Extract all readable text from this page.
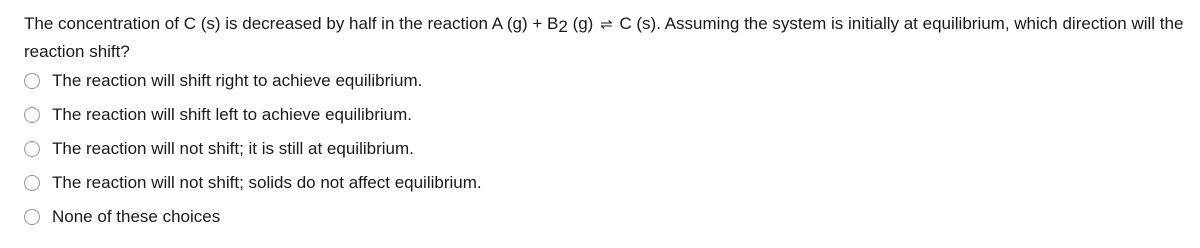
The concentration of C (s) is decreased by half in the reaction A $(g) + B_2$ (g) ⇌ C (s). Assuming the system is initially at equilibrium, which direction will the reaction shift?
The reaction will shift right to achieve equilibrium.
The reaction will shift left to achieve equilibrium.
The reaction will not shift; it is still at equilibrium.
The reaction will not shift; solids do not affect equilibrium.
None of these choices
